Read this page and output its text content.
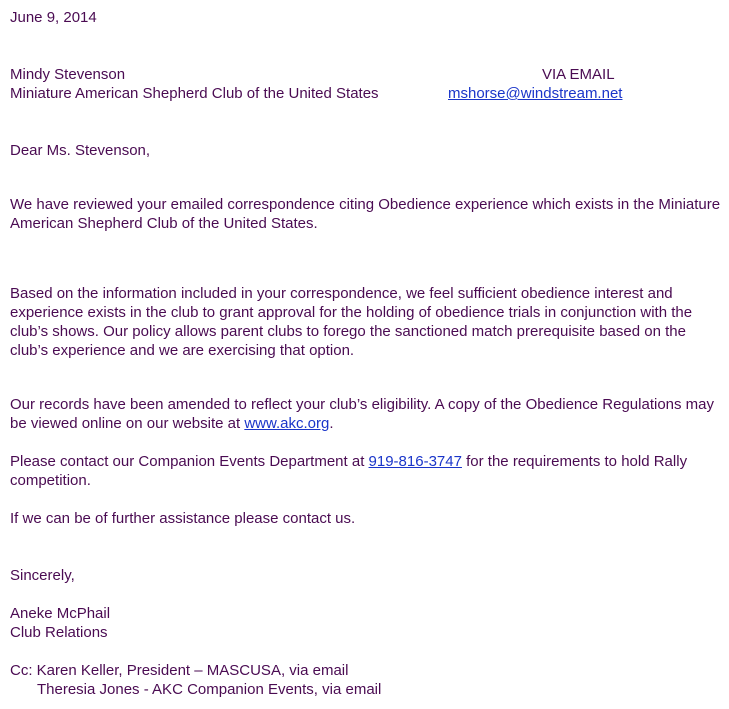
June 9, 2014
Mindy Stevenson	VIA EMAIL
Miniature American Shepherd Club of the United States	mshorse@windstream.net
Dear Ms. Stevenson,
We have reviewed your emailed correspondence citing Obedience experience which exists in the Miniature American Shepherd Club of the United States.
Based on the information included in your correspondence, we feel sufficient obedience interest and experience exists in the club to grant approval for the holding of obedience trials in conjunction with the club’s shows. Our policy allows parent clubs to forego the sanctioned match prerequisite based on the club’s experience and we are exercising that option.
Our records have been amended to reflect your club’s eligibility. A copy of the Obedience Regulations may be viewed online on our website at www.akc.org.
Please contact our Companion Events Department at 919-816-3747 for the requirements to hold Rally competition.
If we can be of further assistance please contact us.
Sincerely,
Aneke McPhail
Club Relations
Cc: Karen Keller, President – MASCUSA, via email
Theresia Jones - AKC Companion Events, via email
